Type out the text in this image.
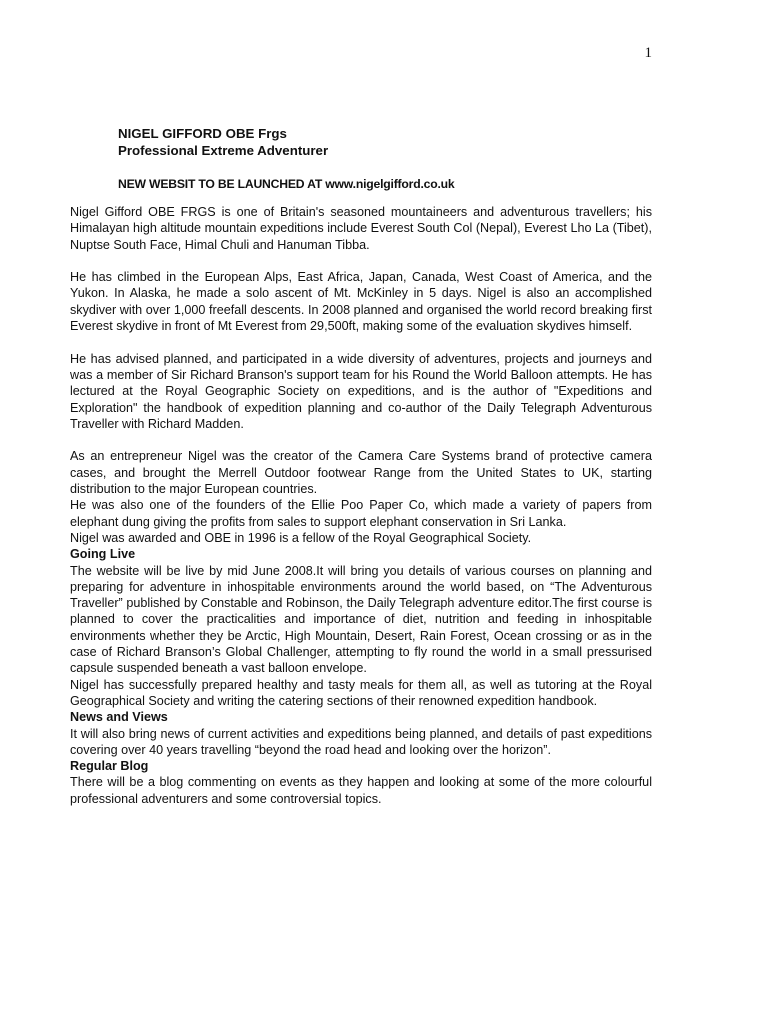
1

NIGEL GIFFORD OBE Frgs

Professional Extreme Adventurer

NEW WEBSIT TO BE LAUNCHED AT www.nigelgifford.co.uk

Nigel Gifford OBE FRGS is one of Britain's seasoned mountaineers and adventurous travellers; his Himalayan high altitude mountain expeditions include Everest South Col (Nepal), Everest Lho La (Tibet), Nuptse South Face, Himal Chuli and Hanuman Tibba.

He has climbed in the European Alps, East Africa, Japan, Canada, West Coast of America, and the Yukon. In Alaska, he made a solo ascent of Mt. McKinley in 5 days. Nigel is also an accomplished skydiver with over 1,000 freefall descents. In 2008 planned and organised the world record breaking first Everest skydive in front of Mt Everest from 29,500ft, making some of the evaluation skydives himself.

He has advised planned, and participated in a wide diversity of adventures, projects and journeys and was a member of Sir Richard Branson's support team for his Round the World Balloon attempts. He has lectured at the Royal Geographic Society on expeditions, and is the author of "Expeditions and Exploration" the handbook of expedition planning and co-author of the Daily Telegraph Adventurous Traveller with Richard Madden.

As an entrepreneur Nigel was the creator of the Camera Care Systems brand of protective camera cases, and brought the Merrell Outdoor footwear Range from the United States to UK, starting distribution to the major European countries.

He was also one of the founders of the Ellie Poo Paper Co, which made a variety of papers from elephant dung giving the profits from sales to support elephant conservation in Sri Lanka.

Nigel was awarded and OBE in 1996 is a fellow of the Royal Geographical Society.

Going Live

The website will be live by mid June 2008.It will bring you details of various courses on planning and preparing for adventure in inhospitable environments around the world based, on “The Adventurous Traveller” published by Constable and Robinson, the Daily Telegraph adventure editor.The first course is planned to cover the practicalities and importance of diet, nutrition and feeding in inhospitable environments whether they be Arctic, High Mountain, Desert, Rain Forest, Ocean crossing or as in the case of Richard Branson’s Global Challenger, attempting to fly round the world in a small pressurised capsule suspended beneath a vast balloon envelope.

Nigel has successfully prepared healthy and tasty meals for them all, as well as tutoring at the Royal Geographical Society and writing the catering sections of their renowned expedition handbook.

News and Views

It will also bring news of current activities and expeditions being planned, and details of past expeditions covering over 40 years travelling “beyond the road head and looking over the horizon”.

Regular Blog

There will be a blog commenting on events as they happen and looking at some of the more colourful professional adventurers and some controversial topics.
